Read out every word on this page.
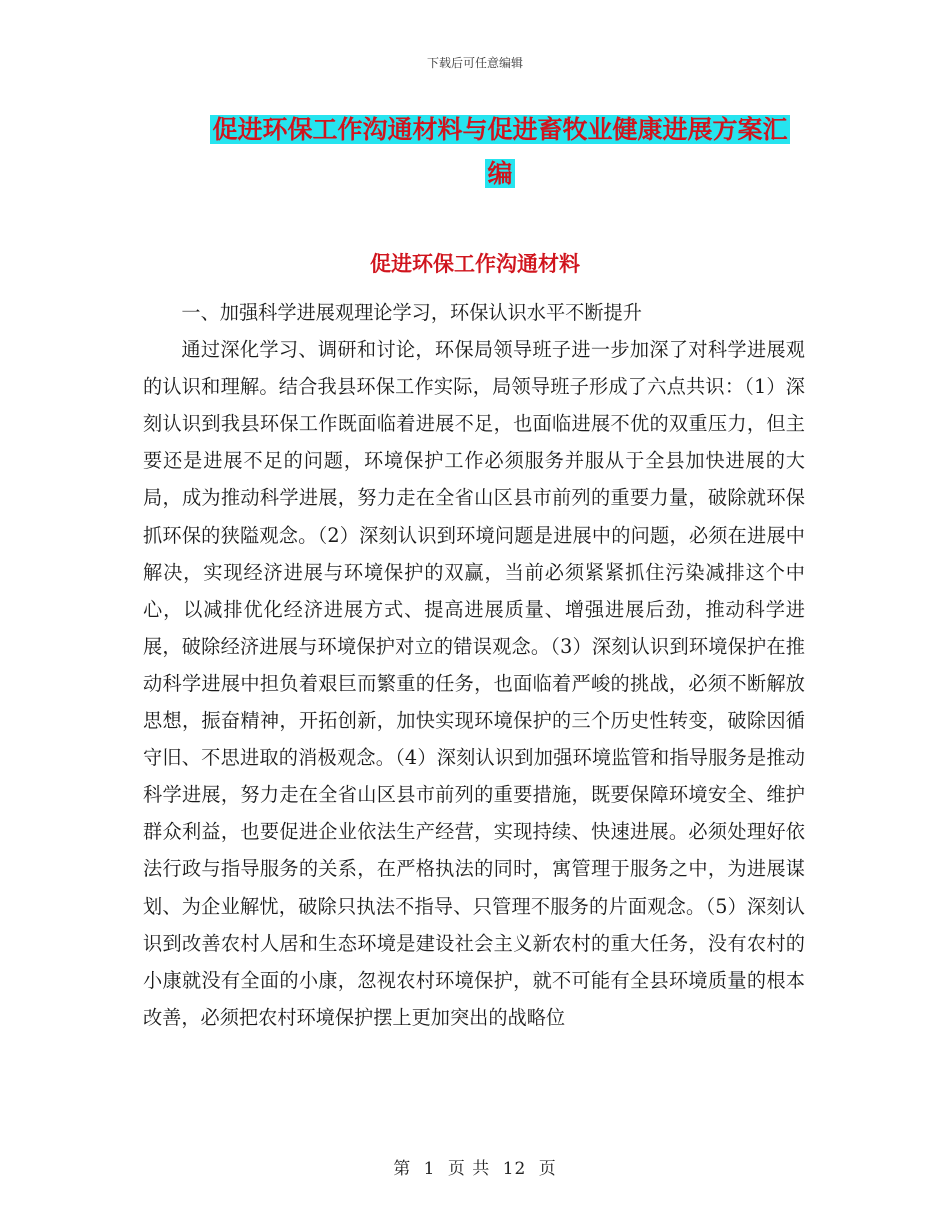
下载后可任意编辑
促进环保工作沟通材料与促进畜牧业健康进展方案汇
编
促进环保工作沟通材料

一、加强科学进展观理论学习，环保认识水平不断提升

通过深化学习、调研和讨论，环保局领导班子进一步加深了对科学进展观的认识和理解。结合我县环保工作实际，局领导班子形成了六点共识：（1）深刻认识到我县环保工作既面临着进展不足，也面临进展不优的双重压力，但主要还是进展不足的问题，环境保护工作必须服务并服从于全县加快进展的大局，成为推动科学进展，努力走在全省山区县市前列的重要力量，破除就环保抓环保的狭隘观念。（2）深刻认识到环境问题是进展中的问题，必须在进展中解决，实现经济进展与环境保护的双赢，当前必须紧紧抓住污染减排这个中心，以减排优化经济进展方式、提高进展质量、增强进展后劲，推动科学进展，破除经济进展与环境保护对立的错误观念。（3）深刻认识到环境保护在推动科学进展中担负着艰巨而繁重的任务，也面临着严峻的挑战，必须不断解放思想，振奋精神，开拓创新，加快实现环境保护的三个历史性转变，破除因循守旧、不思进取的消极观念。（4）深刻认识到加强环境监管和指导服务是推动科学进展，努力走在全省山区县市前列的重要措施，既要保障环境安全、维护群众利益，也要促进企业依法生产经营，实现持续、快速进展。必须处理好依法行政与指导服务的关系，在严格执法的同时，寓管理于服务之中，为进展谋划、为企业解忧，破除只执法不指导、只管理不服务的片面观念。（5）深刻认识到改善农村人居和生态环境是建设社会主义新农村的重大任务，没有农村的小康就没有全面的小康，忽视农村环境保护，就不可能有全县环境质量的根本改善，必须把农村环境保护摆上更加突出的战略位

第 1 页 共 12 页
